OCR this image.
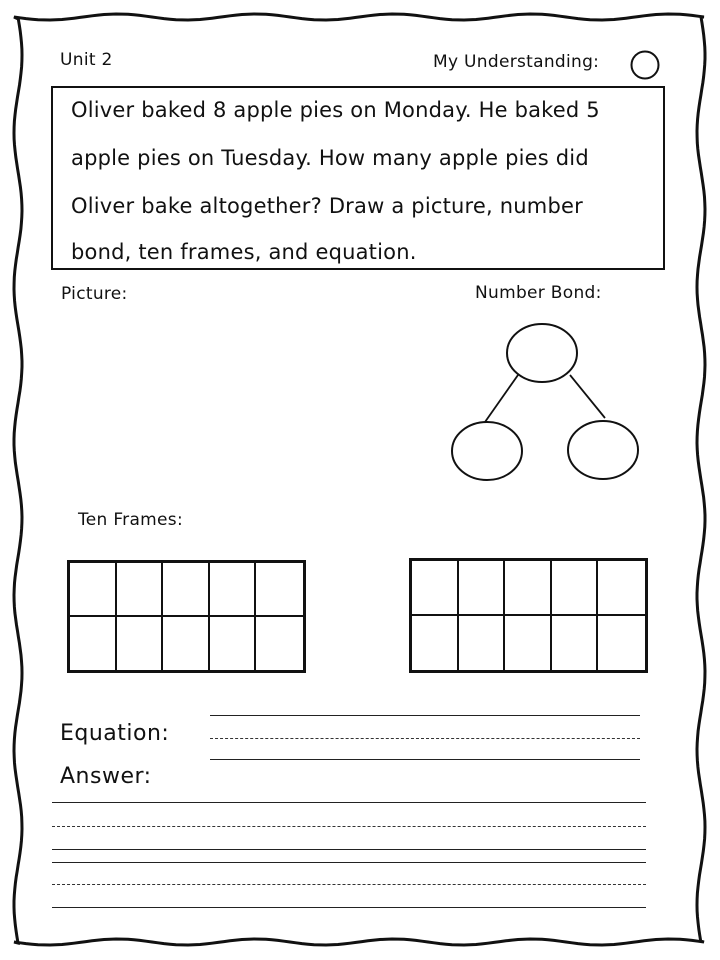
Unit 2	My Understanding:
Oliver baked 8 apple pies on Monday. He baked 5
apple pies on Tuesday. How many apple pies did
Oliver bake altogether? Draw a picture, number
bond, ten frames, and equation.
Picture:	Number Bond:
Ten Frames:
Equation:
Answer:
